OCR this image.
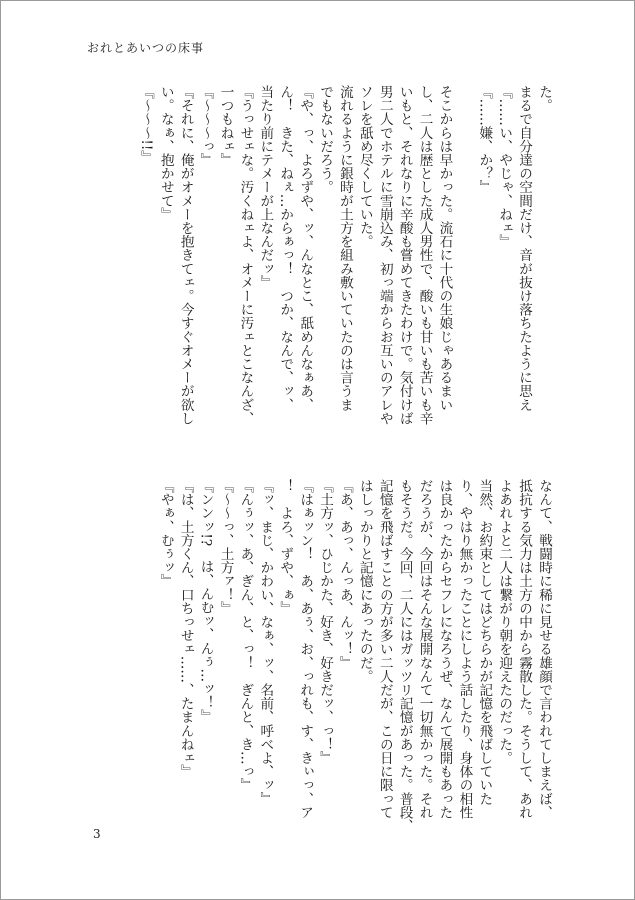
おれとあいつの床事
た。
まるで自分達の空間だけ、音が抜け落ちたように思え
『……い、やじゃ、ねェ』
『……嫌、か？』

そこからは早かった。流石に十代の生娘じゃあるまい
し、二人は歴とした成人男性で、酸いも甘いも苦いも辛
いもと、それなりに辛酸も嘗めてきたわけで。気付けば
男二人でホテルに雪崩込み、初っ端からお互いのアレや
ソレを舐め尽くしていた。
流れるように銀時が土方を組み敷いていたのは言うま
でもないだろう。
『や、っ、よろずや、ッ、んなとこ、舐めんなぁあ、
ん！　きた、ねぇ…からぁっ！　つか、なんで、ッ、
当たり前にテメーが上なんだッ』
『うっせェな。汚くねェよ、オメーに汚ェとこなんざ、
一つもねェ』
『～～～っ』
『それに、俺がオメーを抱きてェ。今すぐオメーが欲し
い。なぁ、抱かせて』
『～～～!!』
なんて、戦闘時に稀に見せる雄顔で言われてしまえば、
抵抗する気力は土方の中から霧散した。そうして、あれ
よあれよと二人は繋がり朝を迎えたのだった。
当然、お約束としてはどちらかが記憶を飛ばしていた
り、やはり無かったことにしよう話したり、身体の相性
は良かったからセフレになろうぜ、なんて展開もあった
だろうが、今回はそんな展開なんて一切無かった。それ
もそうだ。今回、二人にはガッツリ記憶があった。普段、
記憶を飛ばすことの方が多い二人だが、この日に限って
はしっかりと記憶にあったのだ。
『あ、あっ、んっあ、んッ！』
『土方ッ、ひじかた、好き、好きだッ、っ！』
『はぁッン！　あ、あぅ、お、っれも、す、きぃっ、ア
！　よろ、ずや、ぁ』
『ッ、まじ、かわい、なぁ、ッ、名前、呼べよ、ッ』
『んぅッ、あ、ぎん、と、っ！　ぎんと、き…っ』
『～～っ、土方ァ！』
『ンンッ!?　は、んむッ、んぅ…ッ！』
『は、土方くん、口ちっせェ……、たまんねェ』
『やぁ、むぅッ』
3
